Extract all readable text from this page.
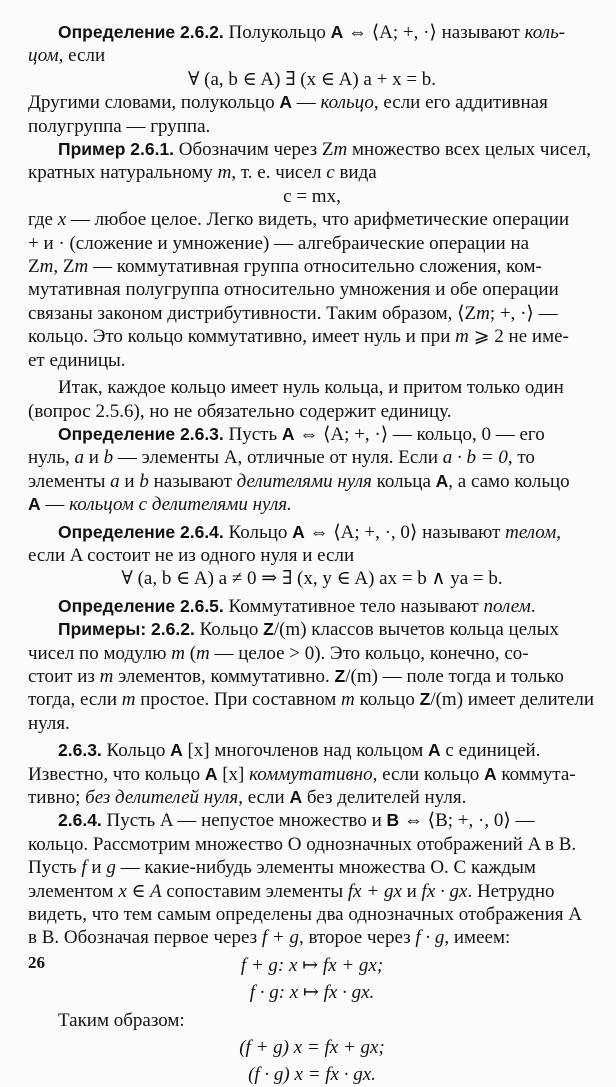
Определение 2.6.2. Полукольцо A ⇔ ⟨A; +, ·⟩ называют коль-

цом, если

∀ (a, b ∈ A) ∃ (x ∈ A) a + x = b.

Другими словами, полукольцо A — кольцо, если его аддитивная

полугруппа — группа.

Пример 2.6.1. Обозначим через Zm множество всех целых чисел,

кратных натуральному m, т. е. чисел c вида

c = mx,

где x — любое целое. Легко видеть, что арифметические операции

+ и · (сложение и умножение) — алгебраические операции на

Zm, Zm — коммутативная группа относительно сложения, ком-

мутативная полугруппа относительно умножения и обе операции

связаны законом дистрибутивности. Таким образом, ⟨Zm; +, ·⟩ —

кольцо. Это кольцо коммутативно, имеет нуль и при m ⩾ 2 не име-

ет единицы.

Итак, каждое кольцо имеет нуль кольца, и притом только один

(вопрос 2.5.6), но не обязательно содержит единицу.

Определение 2.6.3. Пусть A ⇔ ⟨A; +, ·⟩ — кольцо, 0 — его

нуль, a и b — элементы A, отличные от нуля. Если a · b = 0, то

элементы a и b называют делителями нуля кольца A, а само кольцо

A — кольцом с делителями нуля.

Определение 2.6.4. Кольцо A ⇔ ⟨A; +, ·, 0⟩ называют телом,

если A состоит не из одного нуля и если

∀ (a, b ∈ A) a ≠ 0 ⇒ ∃ (x, y ∈ A) ax = b ∧ ya = b.

Определение 2.6.5. Коммутативное тело называют полем.

Примеры: 2.6.2. Кольцо Z/(m) классов вычетов кольца целых

чисел по модулю m (m — целое > 0). Это кольцо, конечно, со-

стоит из m элементов, коммутативно. Z/(m) — поле тогда и только

тогда, если m простое. При составном m кольцо Z/(m) имеет делители

нуля.

2.6.3. Кольцо A [x] многочленов над кольцом A с единицей.

Известно, что кольцо A [x] коммутативно, если кольцо A коммута-

тивно; без делителей нуля, если A без делителей нуля.

2.6.4. Пусть A — непустое множество и B ⇔ ⟨B; +, ·, 0⟩ —

кольцо. Рассмотрим множество O однозначных отображений A в B.

Пусть f и g — какие-нибудь элементы множества O. С каждым

элементом x ∈ A сопоставим элементы fx + gx и fx · gx. Нетрудно

видеть, что тем самым определены два однозначных отображения A

в B. Обозначая первое через f + g, второе через f · g, имеем:

f + g: x ↦ fx + gx;

f · g: x ↦ fx · gx.

Таким образом:

(f + g) x = fx + gx;

(f · g) x = fx · gx.

26
